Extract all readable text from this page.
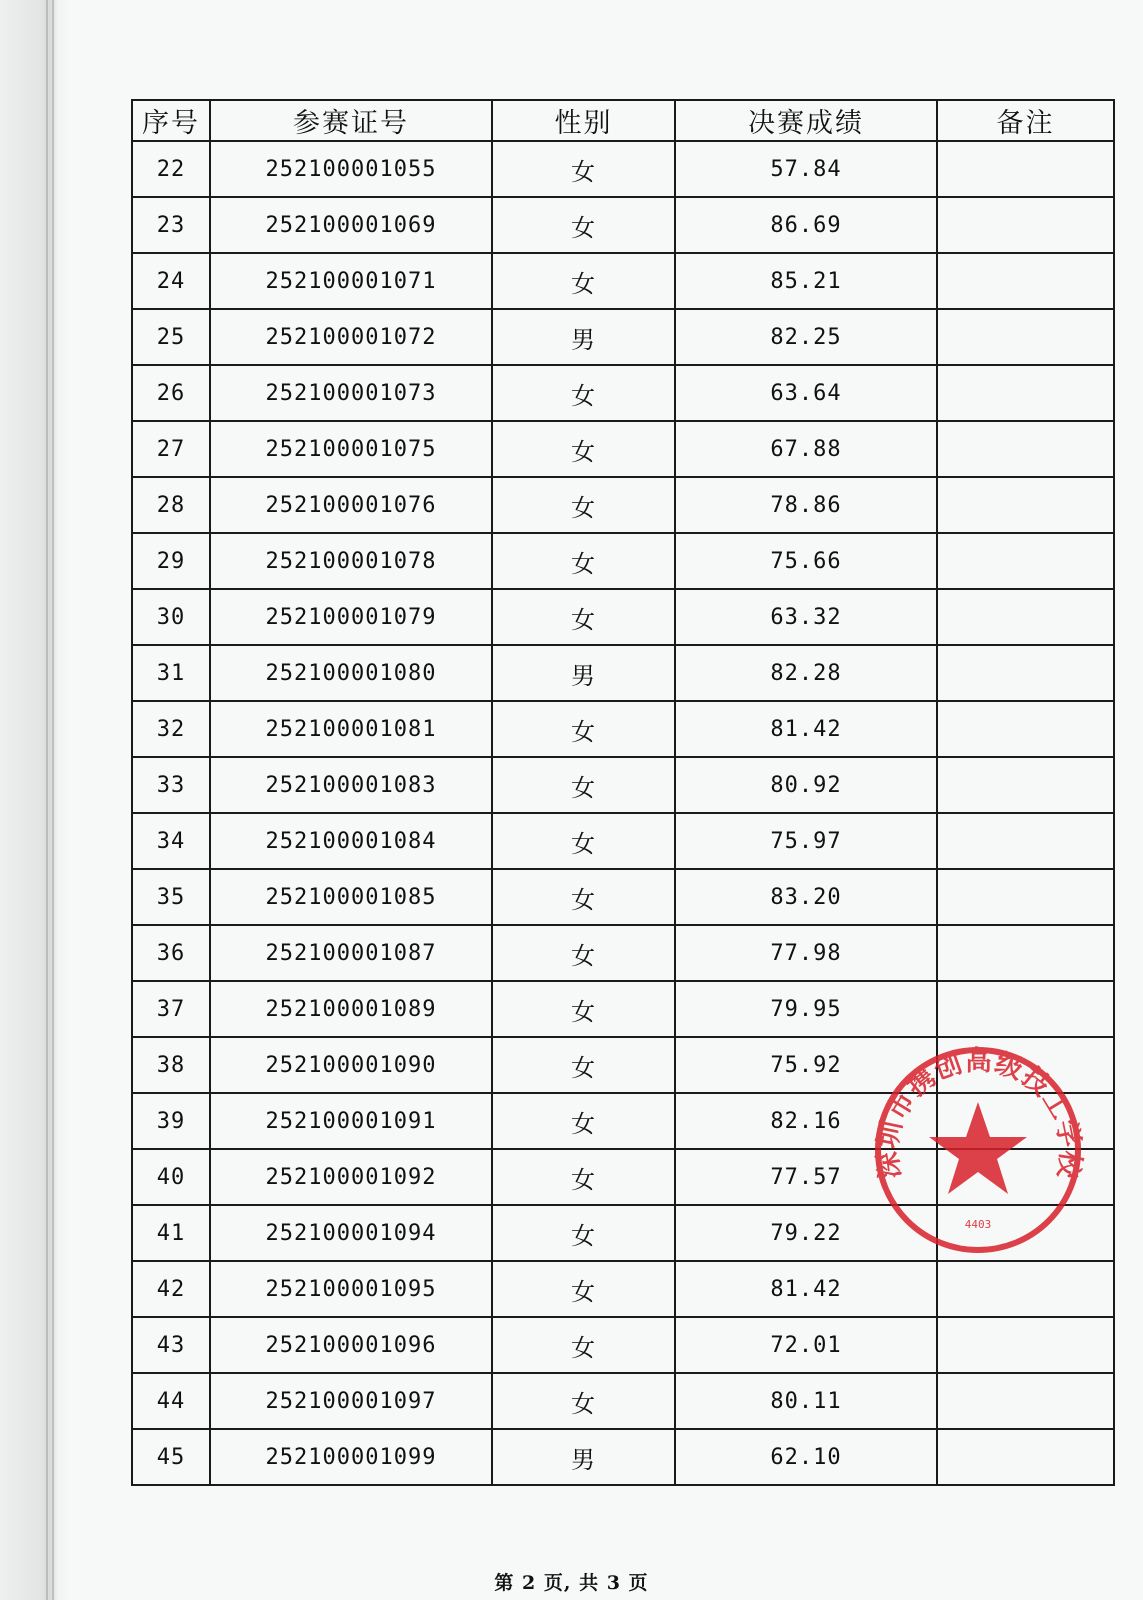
序号	参赛证号	性别	决赛成绩	备注
22	252100001055	女	57.84	
23	252100001069	女	86.69	
24	252100001071	女	85.21	
25	252100001072	男	82.25	
26	252100001073	女	63.64	
27	252100001075	女	67.88	
28	252100001076	女	78.86	
29	252100001078	女	75.66	
30	252100001079	女	63.32	
31	252100001080	男	82.28	
32	252100001081	女	81.42	
33	252100001083	女	80.92	
34	252100001084	女	75.97	
35	252100001085	女	83.20	
36	252100001087	女	77.98	
37	252100001089	女	79.95	
38	252100001090	女	75.92	
39	252100001091	女	82.16	
40	252100001092	女	77.57	
41	252100001094	女	79.22	
42	252100001095	女	81.42	
43	252100001096	女	72.01	
44	252100001097	女	80.11	
45	252100001099	男	62.10	
深圳市携创高级技工学校
4403
第 2 页, 共 3 页
